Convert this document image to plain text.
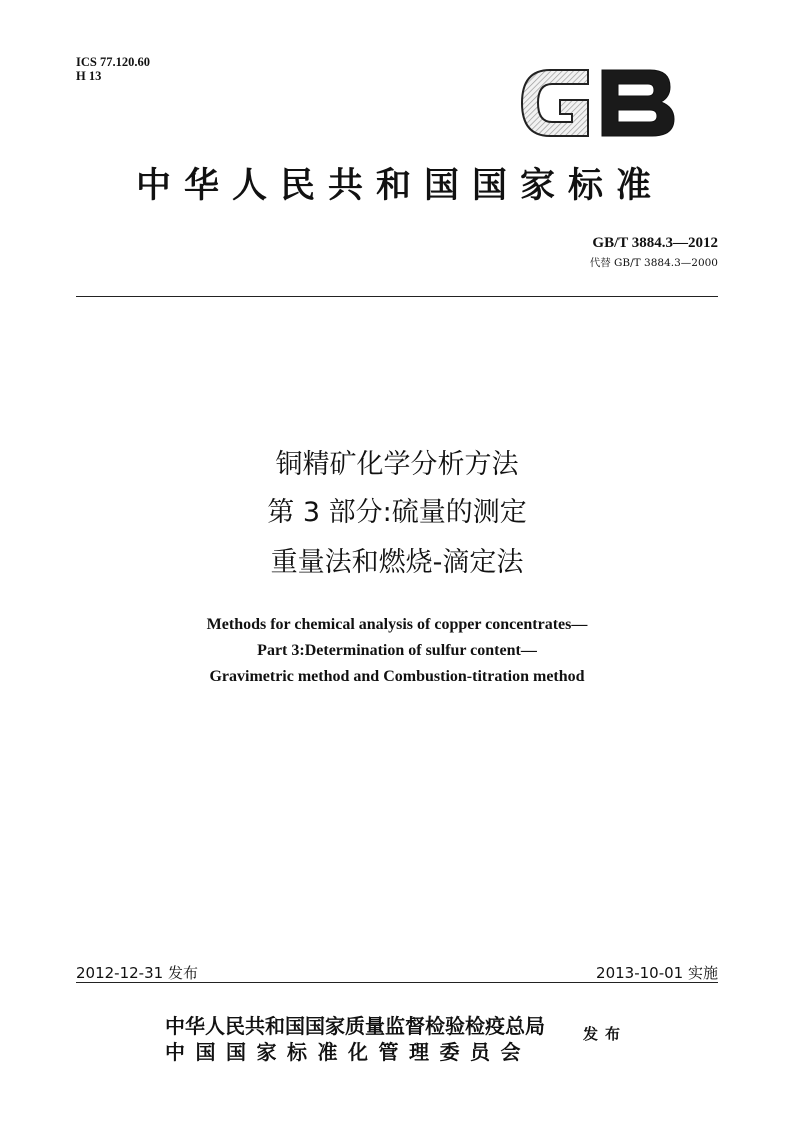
ICS 77.120.60
H 13
中华人民共和国国家标准
GB/T 3884.3—2012
代替 GB/T 3884.3—2000
铜精矿化学分析方法
第 3 部分:硫量的测定
重量法和燃烧-滴定法
Methods for chemical analysis of copper concentrates—
Part 3:Determination of sulfur content—
Gravimetric method and Combustion-titration method
2012-12-31 发布	2013-10-01 实施
中华人民共和国国家质量监督检验检疫总局
中国国家标准化管理委员会
发布
